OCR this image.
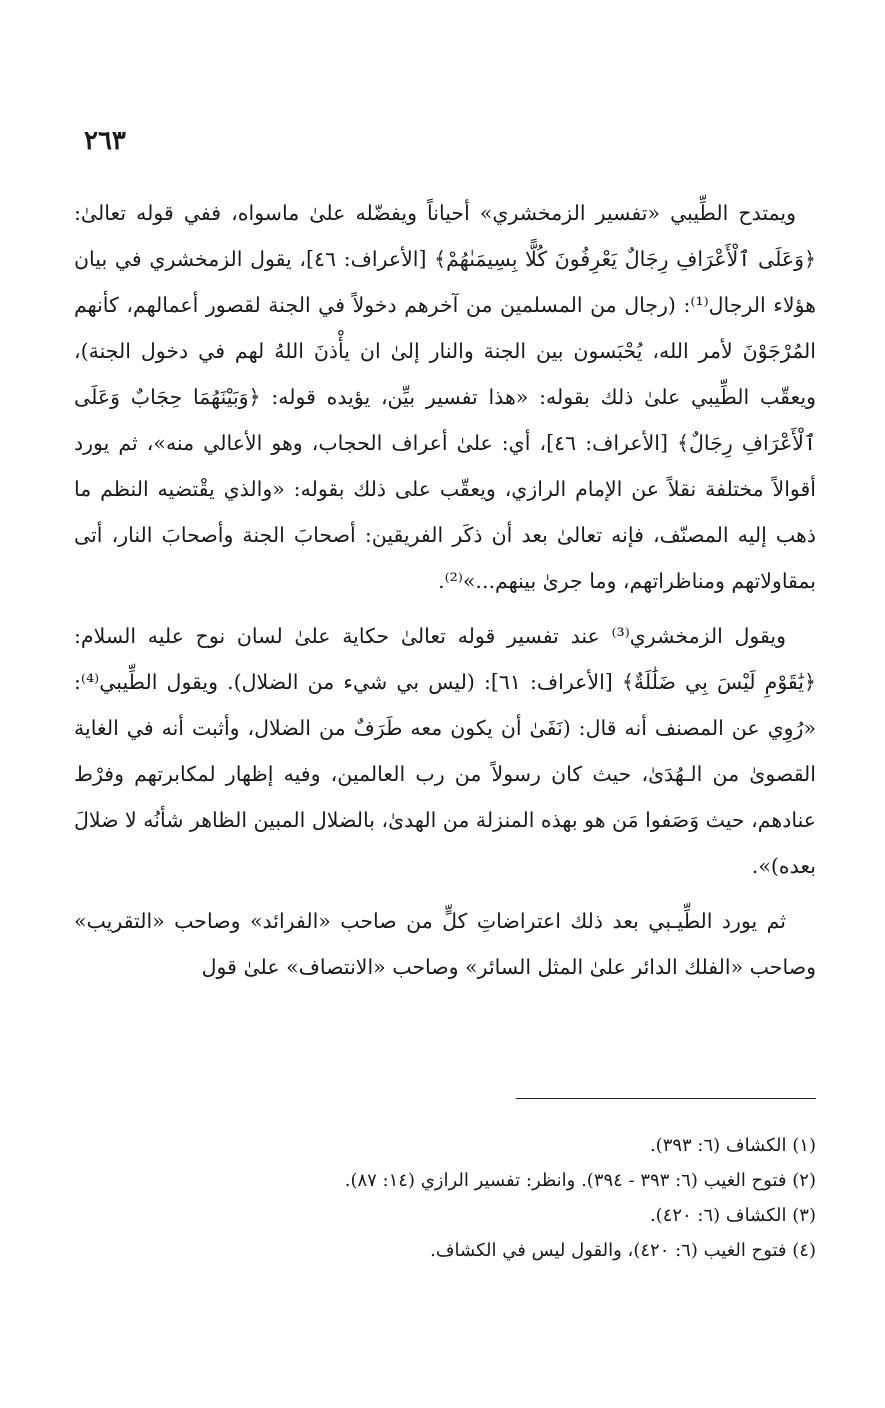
٢٦٣

ويمتدح الطِّيبي «تفسير الزمخشري» أحياناً ويفضّله علىٰ ماسواه، ففي قوله تعالىٰ: ﴿وَعَلَى ٱلْأَعْرَافِ رِجَالٌ يَعْرِفُونَ كُلًّا بِسِيمَىٰهُمْ﴾ [الأعراف: ٤٦]، يقول الزمخشري في بيان هؤلاء الرجال⁽¹⁾: (رجال من المسلمين من آخرهم دخولاً في الجنة لقصور أعمالهم، كأنهم المُرْجَوْنَ لأمر الله، يُحْبَسون بين الجنة والنار إلىٰ ان يأْذنَ اللهُ لهم في دخول الجنة)، ويعقّب الطِّيبي علىٰ ذلك بقوله: «هذا تفسير بيِّن، يؤيده قوله: ﴿وَبَيْنَهُمَا حِجَابٌ وَعَلَى ٱلْأَعْرَافِ رِجَالٌ﴾ [الأعراف: ٤٦]، أي: علىٰ أعراف الحجاب، وهو الأعالي منه»، ثم يورد أقوالاً مختلفة نقلاً عن الإمام الرازي، ويعقّب على ذلك بقوله: «والذي يقْتضيه النظم ما ذهب إليه المصنّف، فإنه تعالىٰ بعد أن ذكَر الفريقين: أصحابَ الجنة وأصحابَ النار، أتى بمقاولاتهم ومناظراتهم، وما جرىٰ بينهم...»⁽²⁾.

ويقول الزمخشري⁽³⁾ عند تفسير قوله تعالىٰ حكاية علىٰ لسان نوح عليه السلام: ﴿يَٰقَوْمِ لَيْسَ بِي ضَلَٰلَةٌ﴾ [الأعراف: ٦١]: (ليس بي شيء من الضلال). ويقول الطِّيبي⁽⁴⁾: «رُوِي عن المصنف أنه قال: (نَفَىٰ أن يكون معه طَرَفٌ من الضلال، وأثبت أنه في الغاية القصوىٰ من الـهُدَىٰ، حيث كان رسولاً من رب العالمين، وفيه إظهار لمكابرتهم وفرْط عنادهم، حيث وَصَفوا مَن هو بهذه المنزلة من الهدىٰ، بالضلال المبين الظاهر شأنُه لا ضلالَ بعده)».

ثم يورد الطِّيـبي بعد ذلك اعتراضاتِ كلٍّ من صاحب «الفرائد» وصاحب «التقريب» وصاحب «الفلك الدائر علىٰ المثل السائر» وصاحب «الانتصاف» علىٰ قول

(١) الكشاف (٦: ٣٩٣).
(٢) فتوح الغيب (٦: ٣٩٣ - ٣٩٤). وانظر: تفسير الرازي (١٤: ٨٧).
(٣) الكشاف (٦: ٤٢٠).
(٤) فتوح الغيب (٦: ٤٢٠)، والقول ليس في الكشاف.
